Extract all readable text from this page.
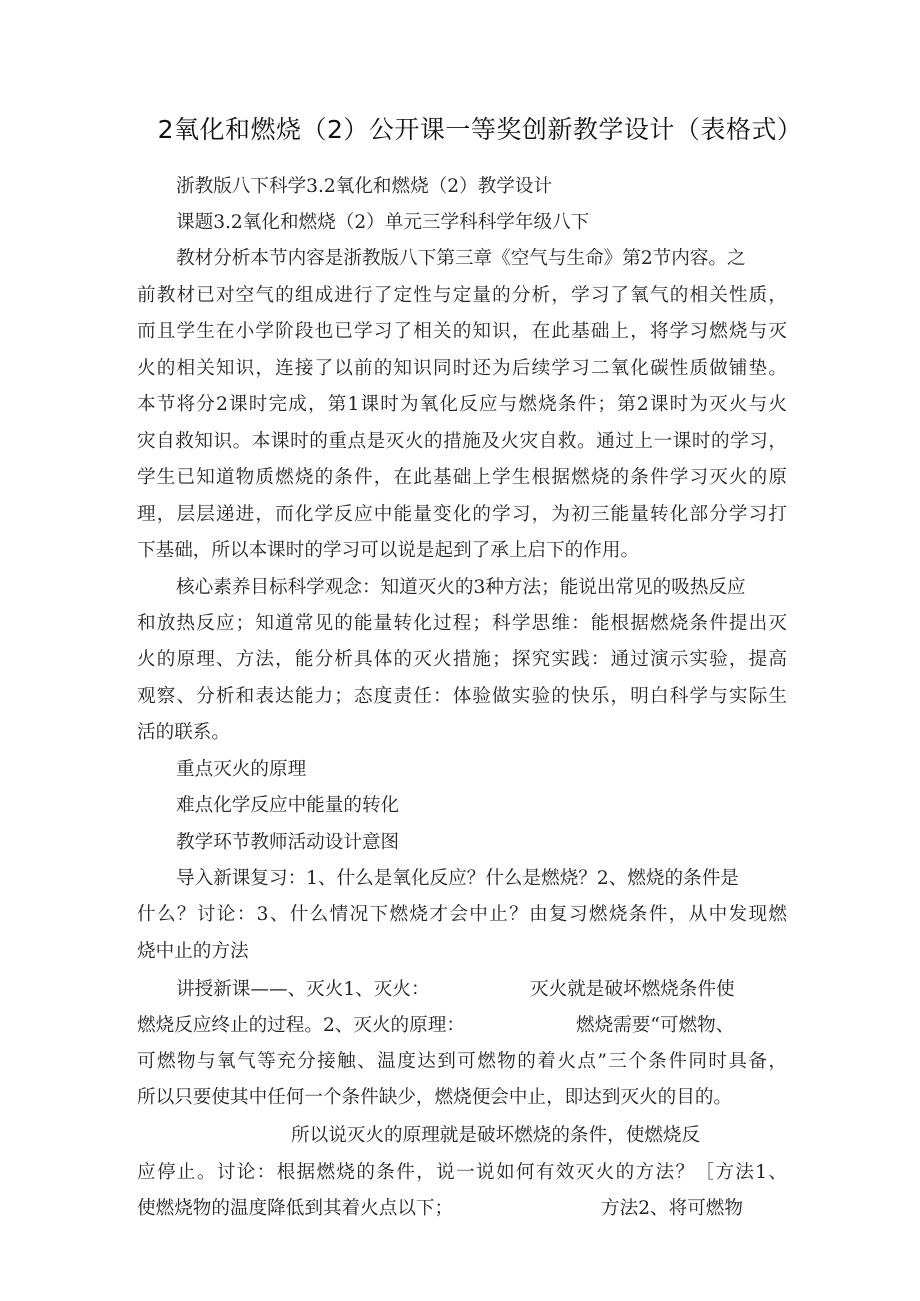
2氧化和燃烧（2）公开课一等奖创新教学设计（表格式）
浙教版八下科学3.2氧化和燃烧（2）教学设计
课题3.2氧化和燃烧（2）单元三学科科学年级八下
教材分析本节内容是浙教版八下第三章《空气与生命》第2节内容。之
前教材已对空气的组成进行了定性与定量的分析，学习了氧气的相关性质，
而且学生在小学阶段也已学习了相关的知识，在此基础上，将学习燃烧与灭
火的相关知识，连接了以前的知识同时还为后续学习二氧化碳性质做铺垫。
本节将分2课时完成，第1课时为氧化反应与燃烧条件；第2课时为灭火与火
灾自救知识。本课时的重点是灭火的措施及火灾自救。通过上一课时的学习，
学生已知道物质燃烧的条件，在此基础上学生根据燃烧的条件学习灭火的原
理，层层递进，而化学反应中能量变化的学习，为初三能量转化部分学习打
下基础，所以本课时的学习可以说是起到了承上启下的作用。
核心素养目标科学观念：知道灭火的3种方法；能说出常见的吸热反应
和放热反应；知道常见的能量转化过程；科学思维：能根据燃烧条件提出灭
火的原理、方法，能分析具体的灭火措施；探究实践：通过演示实验，提高
观察、分析和表达能力；态度责任：体验做实验的快乐，明白科学与实际生
活的联系。
重点灭火的原理
难点化学反应中能量的转化
教学环节教师活动设计意图
导入新课复习：1、什么是氧化反应？什么是燃烧？2、燃烧的条件是
什么？讨论：3、什么情况下燃烧才会中止？由复习燃烧条件，从中发现燃
烧中止的方法
讲授新课——、灭火1、灭火：	灭火就是破坏燃烧条件使
燃烧反应终止的过程。2、灭火的原理：	燃烧需要“可燃物、
可燃物与氧气等充分接触、温度达到可燃物的着火点”三个条件同时具备，
所以只要使其中任何一个条件缺少，燃烧便会中止，即达到灭火的目的。
所以说灭火的原理就是破坏燃烧的条件，使燃烧反
应停止。讨论：根据燃烧的条件，说一说如何有效灭火的方法？［方法1、
使燃烧物的温度降低到其着火点以下；	方法2、将可燃物
